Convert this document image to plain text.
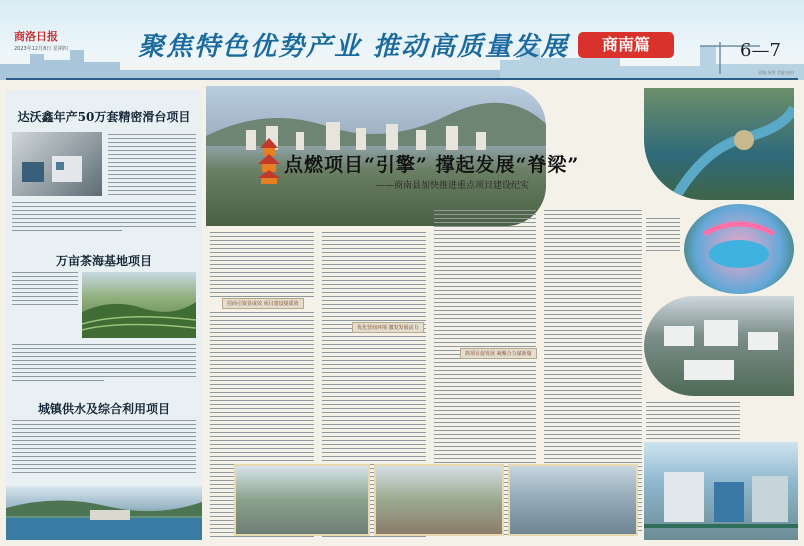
商洛日报
2023年12月8日 星期四	聚焦特色优势产业 推动高质量发展	商南篇	6—7
责编 统筹 美编 校对
达沃鑫年产50万套精密滑台项目
万亩茶海基地项目
城镇供水及综合利用项目
点燃项目“引擎” 撑起发展“脊梁”
——商南县加快推进重点项目建设纪实
招商引资显成效 项目建设提质效
优化营商环境 激发发展活力
抓项目促发展 凝聚合力谋新篇
